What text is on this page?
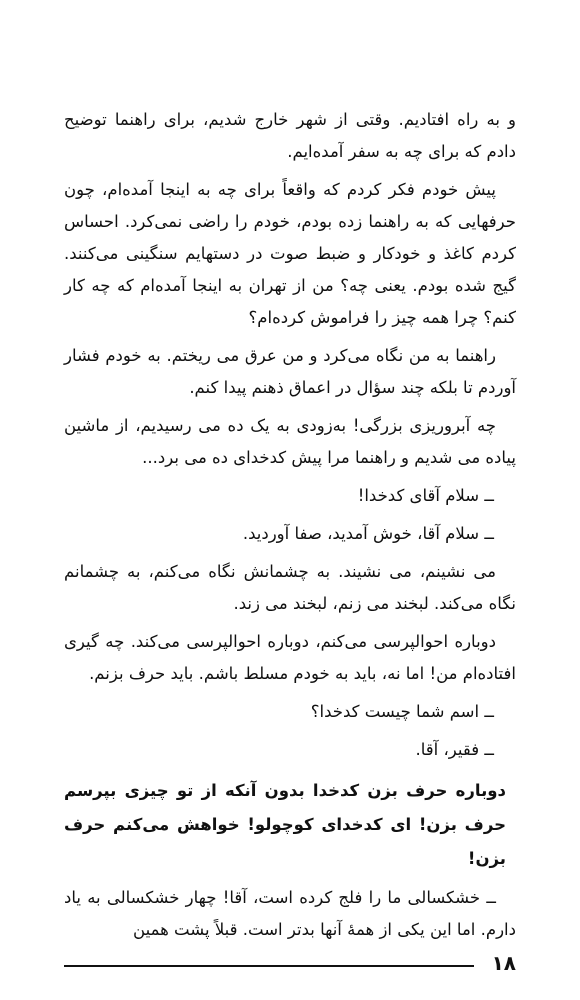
و به راه افتادیم. وقتی از شهر خارج شدیم، برای راهنما توضیح دادم که برای چه به سفر آمده‌ایم.

پیش خودم فکر کردم که واقعاً برای چه به اینجا آمده‌ام، چون حرفهایی که به راهنما زده بودم، خودم را راضی نمی‌کرد. احساس کردم کاغذ و خودکار و ضبط صوت در دستهایم سنگینی می‌کنند. گیج شده بودم. یعنی چه؟ من از تهران به اینجا آمده‌ام که چه کار کنم؟ چرا همه چیز را فراموش کرده‌ام؟

راهنما به من نگاه می‌کرد و من عرق می ریختم. به خودم فشار آوردم تا بلکه چند سؤال در اعماق ذهنم پیدا کنم.

چه آبروریزی بزرگی! به‌زودی به یک ده می رسیدیم، از ماشین پیاده می شدیم و راهنما مرا پیش کدخدای ده می برد...

ــ سلام آقای کدخدا!

ــ سلام آقا، خوش آمدید، صفا آوردید.

می نشینم، می نشیند. به چشمانش نگاه می‌کنم، به چشمانم نگاه می‌کند. لبخند می زنم، لبخند می زند.

دوباره احوالپرسی می‌کنم، دوباره احوالپرسی می‌کند. چه گیری افتاده‌ام من! اما نه، باید به خودم مسلط باشم. باید حرف بزنم.

ــ اسم شما چیست کدخدا؟

ــ فقیر، آقا.

دوباره حرف بزن کدخدا بدون آنکه از تو چیزی بپرسم حرف بزن! ای کدخدای کوچولو! خواهش می‌کنم حرف بزن!

ــ خشکسالی ما را فلج کرده است، آقا! چهار خشکسالی به یاد دارم. اما این یکی از همهٔ آنها بدتر است. قبلاً پشت همین

۱۸
